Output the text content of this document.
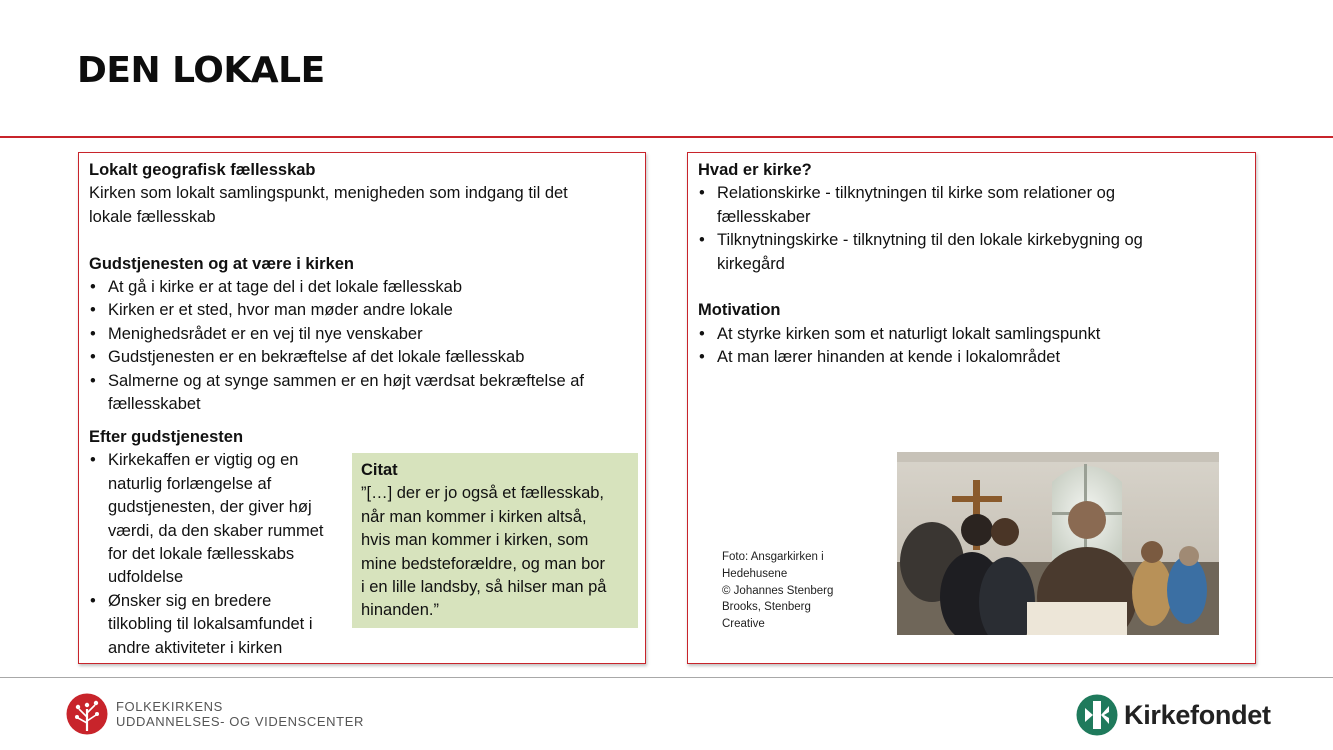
DEN LOKALE
Lokalt geografisk fællesskab
Kirken som lokalt samlingspunkt, menigheden som indgang til det
lokale fællesskab
Gudstjenesten og at være i kirken
• At gå i kirke er at tage del i det lokale fællesskab
• Kirken er et sted, hvor man møder andre lokale
• Menighedsrådet er en vej til nye venskaber
• Gudstjenesten er en bekræftelse af det lokale fællesskab
• Salmerne og at synge sammen er en højt værdsat bekræftelse af
fællesskabet
Efter gudstjenesten
• Kirkekaffen er vigtig og en
naturlig forlængelse af
gudstjenesten, der giver høj
værdi, da den skaber rummet
for det lokale fællesskabs
udfoldelse
• Ønsker sig en bredere
tilkobling til lokalsamfundet i
andre aktiviteter i kirken
Citat
”[…] der er jo også et fællesskab,
når man kommer i kirken altså,
hvis man kommer i kirken, som
mine bedsteforældre, og man bor
i en lille landsby, så hilser man på
hinanden.”
Hvad er kirke?
• Relationskirke - tilknytningen til kirke som relationer og
fællesskaber
• Tilknytningskirke - tilknytning til den lokale kirkebygning og
kirkegård
Motivation
• At styrke kirken som et naturligt lokalt samlingspunkt
• At man lærer hinanden at kende i lokalområdet
Foto: Ansgarkirken i
Hedehusene
© Johannes Stenberg
Brooks, Stenberg
Creative
FOLKEKIRKENS
UDDANNELSES- OG VIDENSCENTER	Kirkefondet
